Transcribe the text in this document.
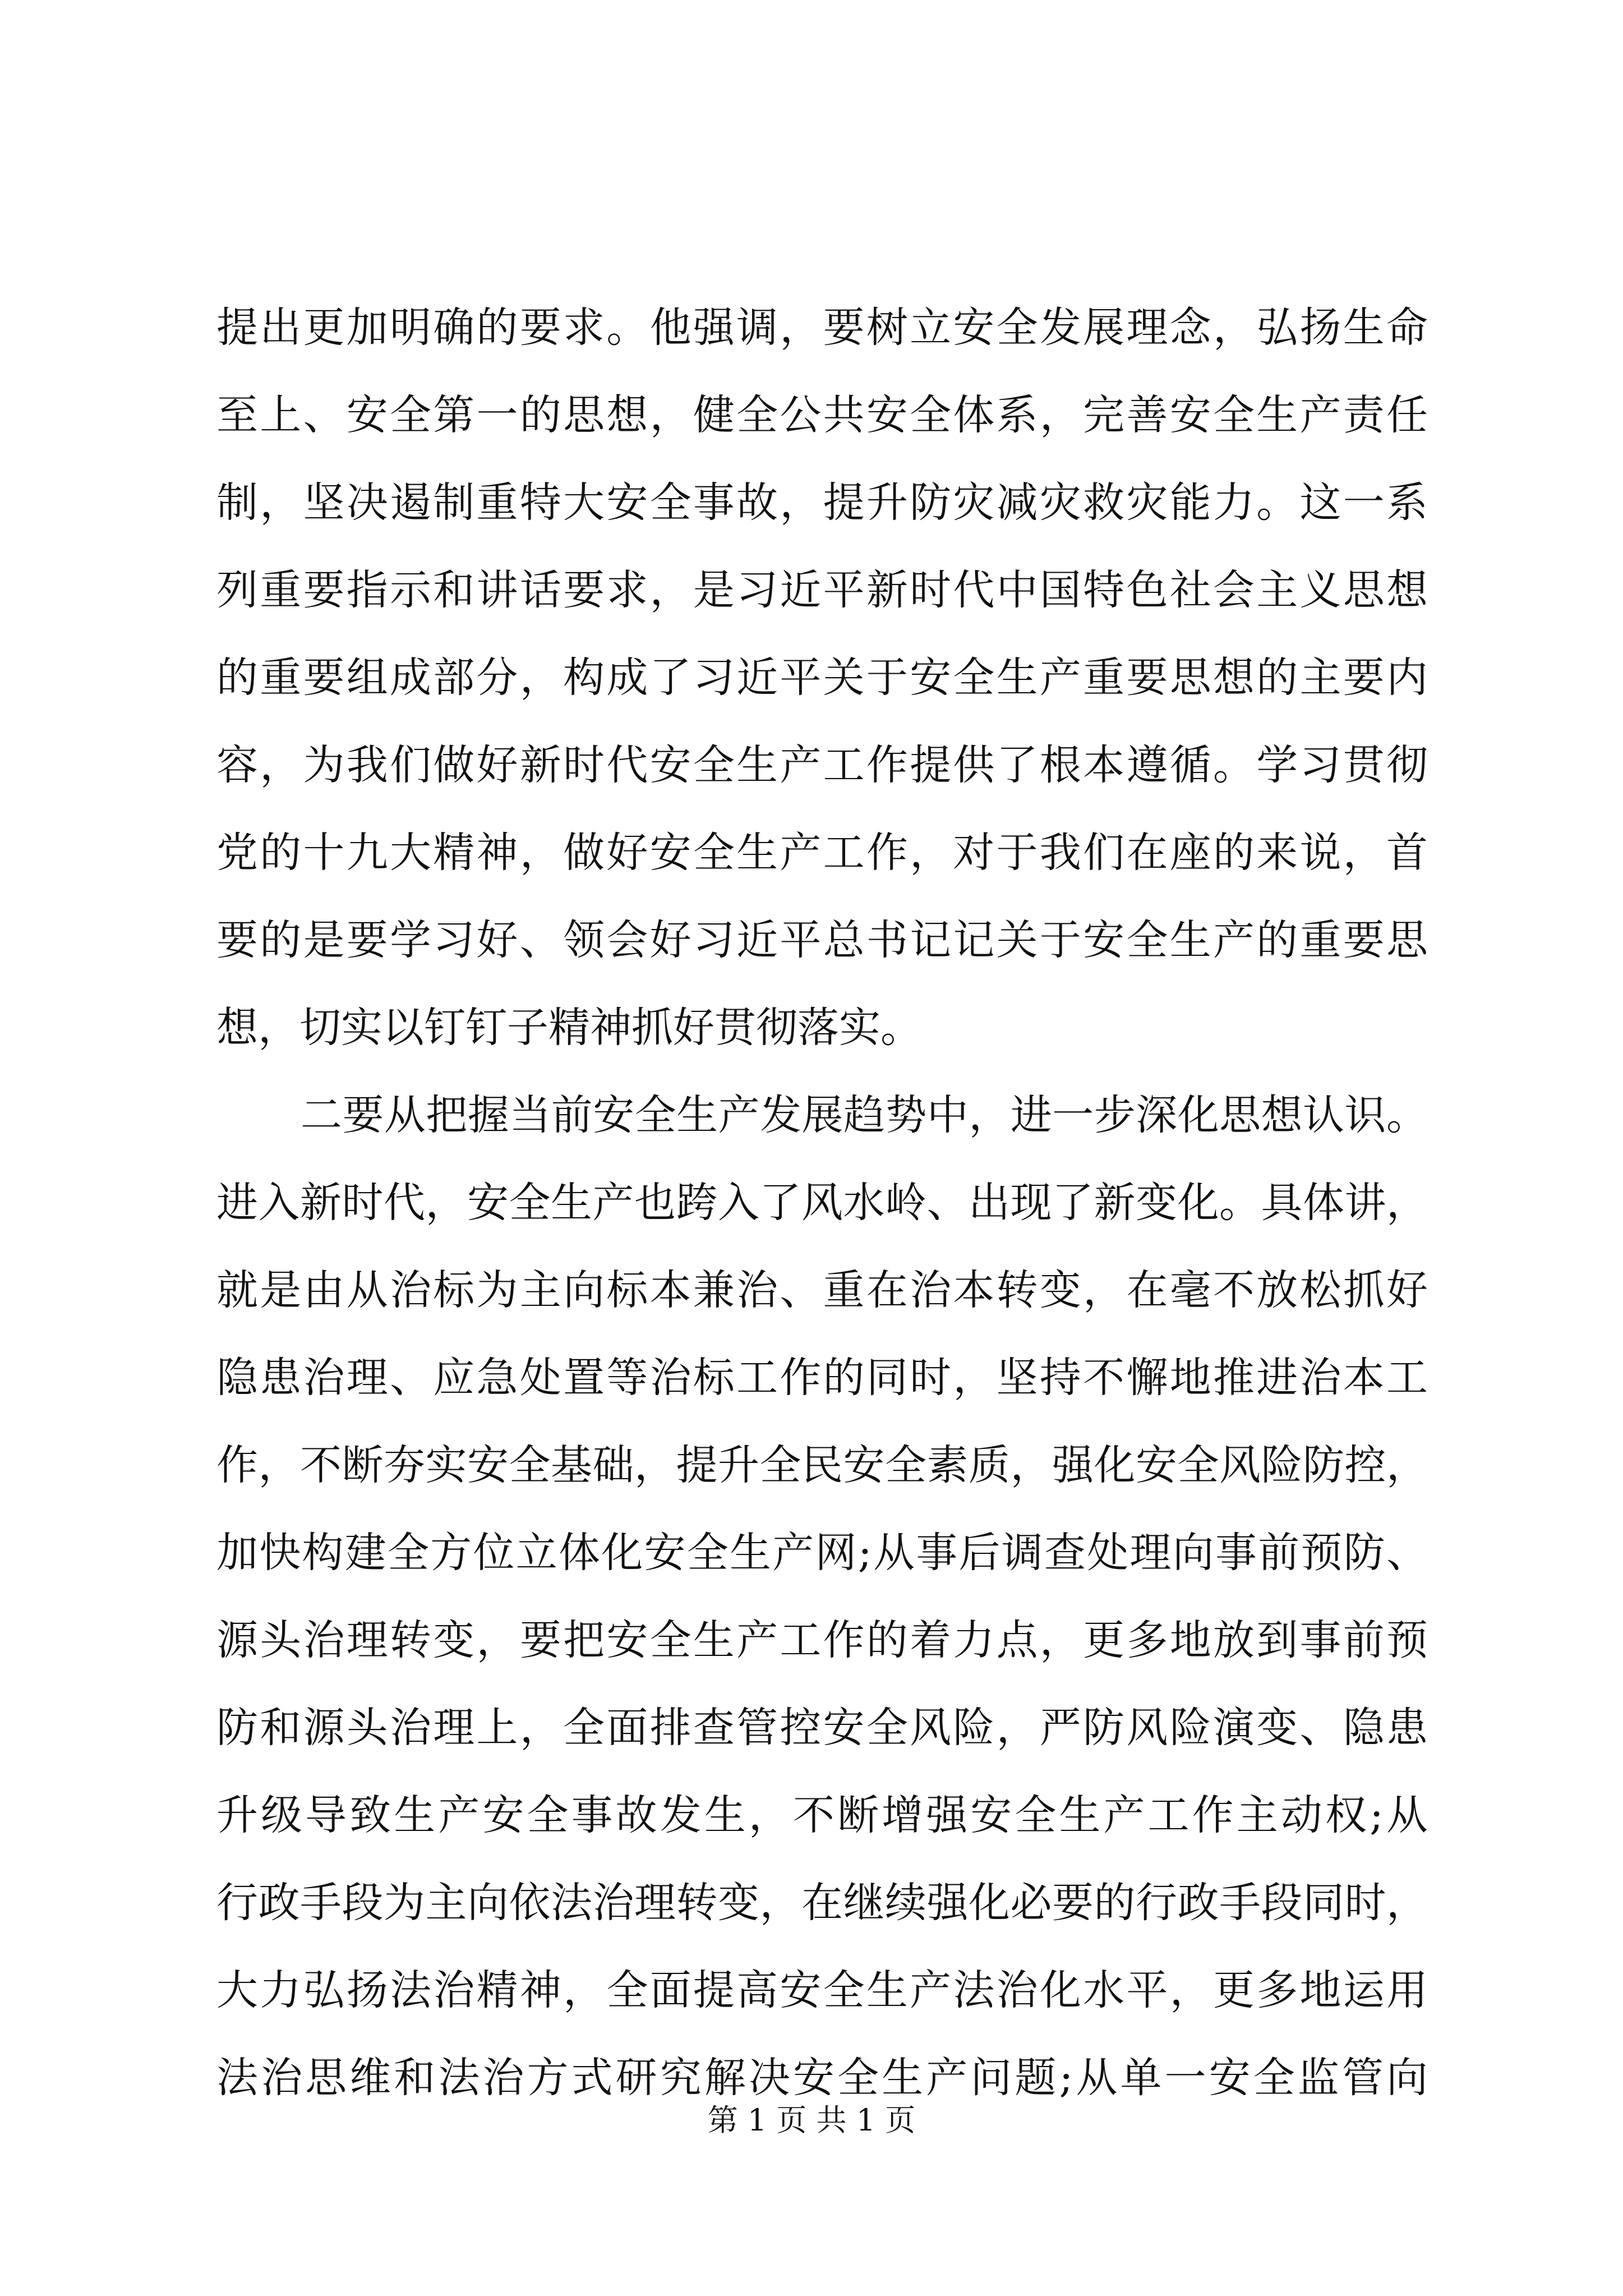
提出更加明确的要求。他强调，要树立安全发展理念，弘扬生命
至上、安全第一的思想，健全公共安全体系，完善安全生产责任
制，坚决遏制重特大安全事故，提升防灾减灾救灾能力。这一系
列重要指示和讲话要求，是习近平新时代中国特色社会主义思想
的重要组成部分，构成了习近平关于安全生产重要思想的主要内
容，为我们做好新时代安全生产工作提供了根本遵循。学习贯彻
党的十九大精神，做好安全生产工作，对于我们在座的来说，首
要的是要学习好、领会好习近平总书记记关于安全生产的重要思
想，切实以钉钉子精神抓好贯彻落实。
二要从把握当前安全生产发展趋势中，进一步深化思想认识。
进入新时代，安全生产也跨入了风水岭、出现了新变化。具体讲，
就是由从治标为主向标本兼治、重在治本转变，在毫不放松抓好
隐患治理、应急处置等治标工作的同时，坚持不懈地推进治本工
作，不断夯实安全基础，提升全民安全素质，强化安全风险防控，
加快构建全方位立体化安全生产网;从事后调查处理向事前预防、
源头治理转变，要把安全生产工作的着力点，更多地放到事前预
防和源头治理上，全面排查管控安全风险，严防风险演变、隐患
升级导致生产安全事故发生，不断增强安全生产工作主动权;从
行政手段为主向依法治理转变，在继续强化必要的行政手段同时，
大力弘扬法治精神，全面提高安全生产法治化水平，更多地运用
法治思维和法治方式研究解决安全生产问题;从单一安全监管向
第 1 页 共 1 页
